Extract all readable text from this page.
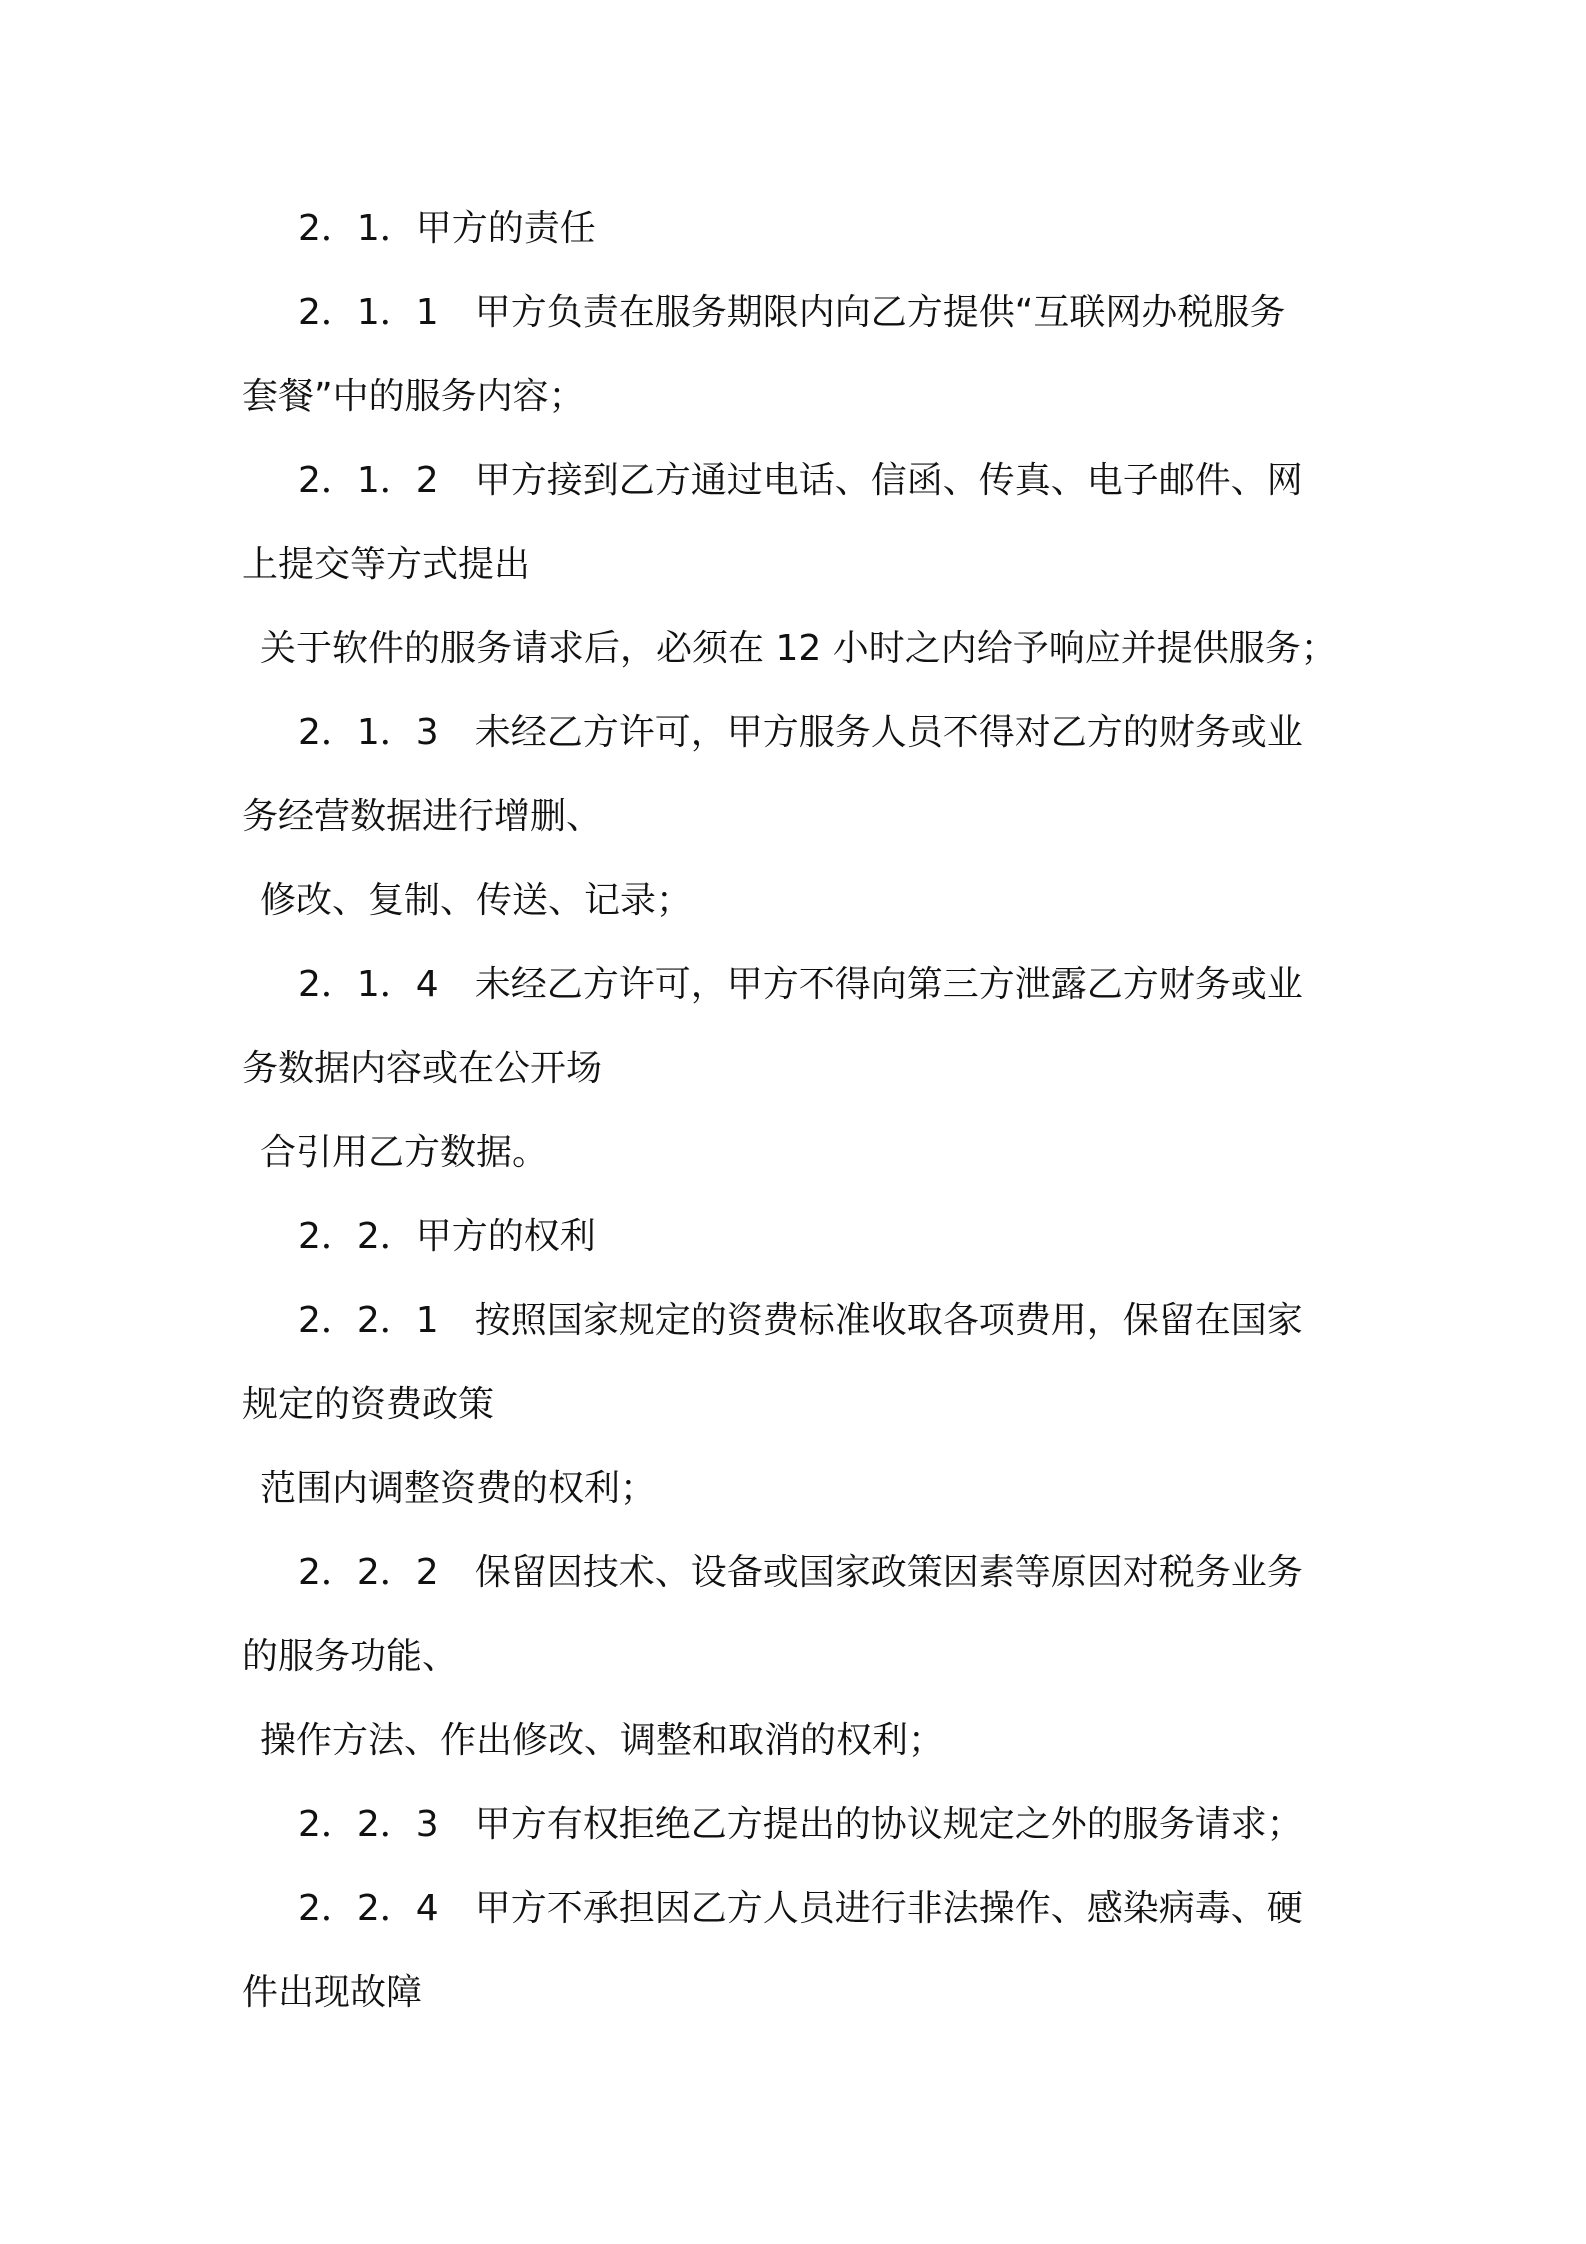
2．1．甲方的责任

2．1．1　甲方负责在服务期限内向乙方提供“互联网办税服务

套餐”中的服务内容；

2．1．2　甲方接到乙方通过电话、信函、传真、电子邮件、网

上提交等方式提出

关于软件的服务请求后，必须在 12 小时之内给予响应并提供服务；

2．1．3　未经乙方许可，甲方服务人员不得对乙方的财务或业

务经营数据进行增删、

修改、复制、传送、记录；

2．1．4　未经乙方许可，甲方不得向第三方泄露乙方财务或业

务数据内容或在公开场

合引用乙方数据。

2．2．甲方的权利

2．2．1　按照国家规定的资费标准收取各项费用，保留在国家

规定的资费政策

范围内调整资费的权利；

2．2．2　保留因技术、设备或国家政策因素等原因对税务业务

的服务功能、

操作方法、作出修改、调整和取消的权利；

2．2．3　甲方有权拒绝乙方提出的协议规定之外的服务请求；

2．2．4　甲方不承担因乙方人员进行非法操作、感染病毒、硬

件出现故障
